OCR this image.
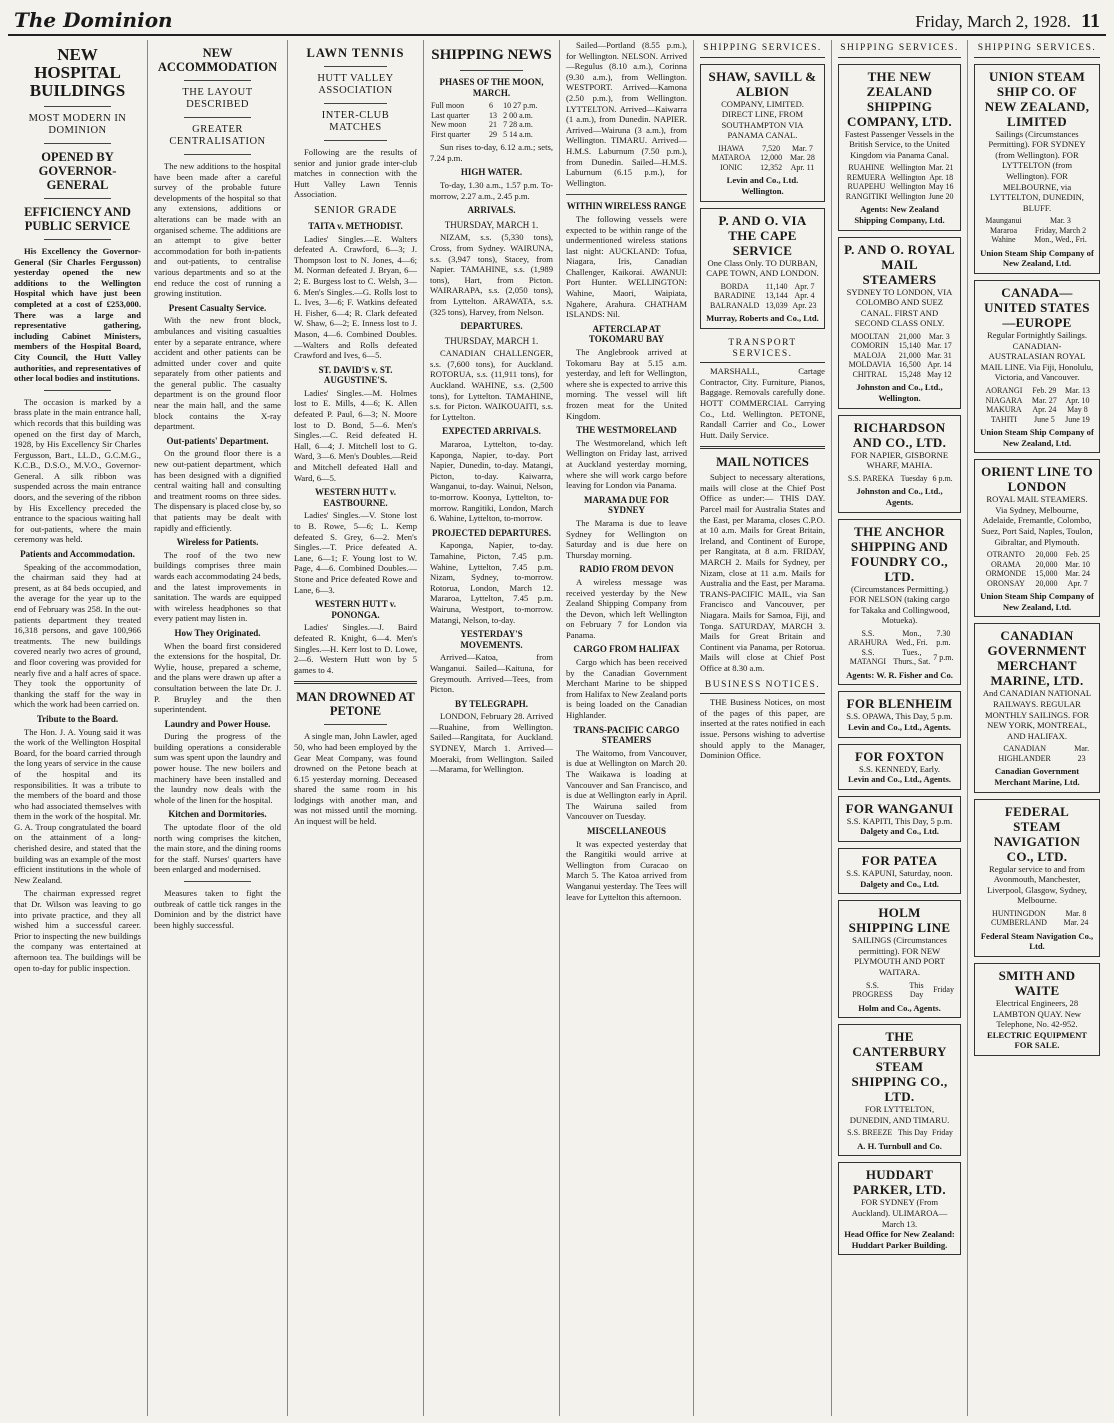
The Dominion	Friday, March 2, 1928. 11
NEW HOSPITAL BUILDINGS
MOST MODERN IN DOMINION
OPENED BY GOVERNOR-GENERAL
EFFICIENCY AND PUBLIC SERVICE

His Excellency the Governor-General (Sir Charles Fergusson) yesterday opened the new additions to the Wellington Hospital which have just been completed at a cost of £253,000. There was a large and representative gathering, including Cabinet Ministers, members of the Hospital Board, City Council, the Hutt Valley authorities, and representatives of other local bodies and institutions.

The occasion is marked by a brass plate in the main entrance hall, which records that this building was opened on the first day of March, 1928, by His Excellency Sir Charles Fergusson, Bart., LL.D., G.C.M.G., K.C.B., D.S.O., M.V.O., Governor-General. A silk ribbon was suspended across the main entrance doors, and the severing of the ribbon by His Excellency preceded the entrance to the spacious waiting hall for out-patients, where the main ceremony was held.

Patients and Accommodation.

Speaking of the accommodation, the chairman said they had at present, as at 84 beds occupied, and the average for the year up to the end of February was 258. In the out-patients department they treated 16,318 persons, and gave 100,966 treatments. The new buildings covered nearly two acres of ground, and floor covering was provided for nearly five and a half acres of space. They took the opportunity of thanking the staff for the way in which the work had been carried on.

Tribute to the Board.

The Hon. J. A. Young said it was the work of the Wellington Hospital Board, for the board carried through the long years of service in the cause of the hospital and its responsibilities. It was a tribute to the members of the board and those who had associated themselves with them in the work of the hospital. Mr. G. A. Troup congratulated the board on the attainment of a long-cherished desire, and stated that the building was an example of the most efficient institutions in the whole of New Zealand.

The chairman expressed regret that Dr. Wilson was leaving to go into private practice, and they all wished him a successful career. Prior to inspecting the new buildings the company was entertained at afternoon tea. The buildings will be open to-day for public inspection.

NEW ACCOMMODATION
THE LAYOUT DESCRIBED
GREATER CENTRALISATION

The new additions to the hospital have been made after a careful survey of the probable future developments of the hospital so that any extensions, additions or alterations can be made with an organised scheme. The additions are an attempt to give better accommodation for both in-patients and out-patients, to centralise various departments and so at the end reduce the cost of running a growing institution.

Present Casualty Service.

With the new front block, ambulances and visiting casualties enter by a separate entrance, where accident and other patients can be admitted under cover and quite separately from other patients and the general public. The casualty department is on the ground floor near the main hall, and the same block contains the X-ray department.

Out-patients' Department.

On the ground floor there is a new out-patient department, which has been designed with a dignified central waiting hall and consulting and treatment rooms on three sides. The dispensary is placed close by, so that patients may be dealt with rapidly and efficiently.

Wireless for Patients.

The roof of the two new buildings comprises three main wards each accommodating 24 beds, and the latest improvements in sanitation. The wards are equipped with wireless headphones so that every patient may listen in.

How They Originated.

When the board first considered the extensions for the hospital, Dr. Wylie, house, prepared a scheme, and the plans were drawn up after a consultation between the late Dr. J. P. Bruyley and the then superintendent.

Laundry and Power House.

During the progress of the building operations a considerable sum was spent upon the laundry and power house. The new boilers and machinery have been installed and the laundry now deals with the whole of the linen for the hospital.

Kitchen and Dormitories.

The uptodate floor of the old north wing comprises the kitchen, the main store, and the dining rooms for the staff. Nurses' quarters have been enlarged and modernised.

Measures taken to fight the outbreak of cattle tick ranges in the Dominion and by the district have been highly successful.

LAWN TENNIS
HUTT VALLEY ASSOCIATION
INTER-CLUB MATCHES

Following are the results of senior and junior grade inter-club matches in connection with the Hutt Valley Lawn Tennis Association.

SENIOR GRADE
TAITA v. METHODIST.

Ladies' Singles.—E. Walters defeated A. Crawford, 6—3; J. Thompson lost to N. Jones, 4—6; M. Norman defeated J. Bryan, 6—2; E. Burgess lost to C. Welsh, 3—6. Men's Singles.—G. Rolls lost to L. Ives, 3—6; F. Watkins defeated H. Fisher, 6—4; R. Clark defeated W. Shaw, 6—2; E. Inness lost to J. Mason, 4—6. Combined Doubles.—Walters and Rolls defeated Crawford and Ives, 6—5.

ST. DAVID'S v. ST. AUGUSTINE'S.

Ladies' Singles.—M. Holmes lost to E. Mills, 4—6; K. Allen defeated P. Paul, 6—3; N. Moore lost to D. Bond, 5—6. Men's Singles.—C. Reid defeated H. Hall, 6—4; J. Mitchell lost to G. Ward, 3—6. Men's Doubles.—Reid and Mitchell defeated Hall and Ward, 6—5.

WESTERN HUTT v. EASTBOURNE.

Ladies' Singles.—V. Stone lost to B. Rowe, 5—6; L. Kemp defeated S. Grey, 6—2. Men's Singles.—T. Price defeated A. Lane, 6—1; F. Young lost to W. Page, 4—6. Combined Doubles.—Stone and Price defeated Rowe and Lane, 6—3.

WESTERN HUTT v. PONONGA.

Ladies' Singles.—J. Baird defeated R. Knight, 6—4. Men's Singles.—H. Kerr lost to D. Lowe, 2—6. Western Hutt won by 5 games to 4.

MAN DROWNED AT PETONE

A single man, John Lawler, aged 50, who had been employed by the Gear Meat Company, was found drowned on the Petone beach at 6.15 yesterday morning. Deceased shared the same room in his lodgings with another man, and was not missed until the morning. An inquest will be held.

SHIPPING NEWS
PHASES OF THE MOON, MARCH.
Full moon	6	10 27 p.m.
Last quarter	13	2 00 a.m.
New moon	21	7 28 a.m.
First quarter	29	5 14 a.m.

Sun rises to-day, 6.12 a.m.; sets, 7.24 p.m.

HIGH WATER.

To-day, 1.30 a.m., 1.57 p.m. To-morrow, 2.27 a.m., 2.45 p.m.

ARRIVALS.
THURSDAY, MARCH 1.

NIZAM, s.s. (5,330 tons), Cross, from Sydney. WAIRUNA, s.s. (3,947 tons), Stacey, from Napier. TAMAHINE, s.s. (1,989 tons), Hart, from Picton. WAIRARAPA, s.s. (2,050 tons), from Lyttelton. ARAWATA, s.s. (325 tons), Harvey, from Nelson.

DEPARTURES.
THURSDAY, MARCH 1.

CANADIAN CHALLENGER, s.s. (7,600 tons), for Auckland. ROTORUA, s.s. (11,911 tons), for Auckland. WAHINE, s.s. (2,500 tons), for Lyttelton. TAMAHINE, s.s. for Picton. WAIKOUAITI, s.s. for Lyttelton.

EXPECTED ARRIVALS.

Mararoa, Lyttelton, to-day. Kaponga, Napier, to-day. Port Napier, Dunedin, to-day. Matangi, Picton, to-day. Kaiwarra, Wanganui, to-day. Wainui, Nelson, to-morrow. Koonya, Lyttelton, to-morrow. Rangitiki, London, March 6. Wahine, Lyttelton, to-morrow.

PROJECTED DEPARTURES.

Kaponga, Napier, to-day. Tamahine, Picton, 7.45 p.m. Wahine, Lyttelton, 7.45 p.m. Nizam, Sydney, to-morrow. Rotorua, London, March 12. Mararoa, Lyttelton, 7.45 p.m. Wairuna, Westport, to-morrow. Matangi, Nelson, to-day.

YESTERDAY'S MOVEMENTS.

Arrived—Katoa, from Wanganui. Sailed—Kaituna, for Greymouth. Arrived—Tees, from Picton.

BY TELEGRAPH.

LONDON, February 28. Arrived—Ruahine, from Wellington. Sailed—Rangitata, for Auckland. SYDNEY, March 1. Arrived—Moeraki, from Wellington. Sailed—Marama, for Wellington.

Sailed—Portland (8.55 p.m.), for Wellington. NELSON. Arrived—Regulus (8.10 a.m.), Corinna (9.30 a.m.), from Wellington. WESTPORT. Arrived—Kamona (2.50 p.m.), from Wellington. LYTTELTON. Arrived—Kaiwarra (1 a.m.), from Dunedin. NAPIER. Arrived—Wairuna (3 a.m.), from Wellington. TIMARU. Arrived—H.M.S. Laburnum (7.50 p.m.), from Dunedin. Sailed—H.M.S. Laburnum (6.15 p.m.), for Wellington.

WITHIN WIRELESS RANGE

The following vessels were expected to be within range of the undermentioned wireless stations last night: AUCKLAND: Tofua, Niagara, Iris, Canadian Challenger, Kaikorai. AWANUI: Port Hunter. WELLINGTON: Wahine, Maori, Waipiata, Ngahere, Arahura. CHATHAM ISLANDS: Nil.

AFTERCLAP AT TOKOMARU BAY

The Anglebrook arrived at Tokomaru Bay at 5.15 a.m. yesterday, and left for Wellington, where she is expected to arrive this morning. The vessel will lift frozen meat for the United Kingdom.

THE WESTMORELAND

The Westmoreland, which left Wellington on Friday last, arrived at Auckland yesterday morning, where she will work cargo before leaving for London via Panama.

MARAMA DUE FOR SYDNEY

The Marama is due to leave Sydney for Wellington on Saturday and is due here on Thursday morning.

RADIO FROM DEVON

A wireless message was received yesterday by the New Zealand Shipping Company from the Devon, which left Wellington on February 7 for London via Panama.

CARGO FROM HALIFAX

Cargo which has been received by the Canadian Government Merchant Marine to be shipped from Halifax to New Zealand ports is being loaded on the Canadian Highlander.

TRANS-PACIFIC CARGO STEAMERS

The Waitomo, from Vancouver, is due at Wellington on March 20. The Waikawa is loading at Vancouver and San Francisco, and is due at Wellington early in April. The Wairuna sailed from Vancouver on Tuesday.

MISCELLANEOUS

It was expected yesterday that the Rangitiki would arrive at Wellington from Curacao on March 5. The Katoa arrived from Wanganui yesterday. The Tees will leave for Lyttelton this afternoon.

SHIPPING SERVICES.
SHAW, SAVILL & ALBION
COMPANY, LIMITED. DIRECT LINE, FROM SOUTHAMPTON VIA PANAMA CANAL.
IHAWA	7,520	Mar. 7
MATAROA	12,000	Mar. 28
IONIC	12,352	Apr. 11
Levin and Co., Ltd. Wellington.
P. AND O. VIA THE CAPE SERVICE
One Class Only. TO DURBAN, CAPE TOWN, AND LONDON.
BORDA	11,140	Apr. 7
BARADINE	13,144	Apr. 4
BALRANALD	13,039	Apr. 23
Murray, Roberts and Co., Ltd.
TRANSPORT SERVICES.

MARSHALL, Cartage Contractor, City. Furniture, Pianos, Baggage. Removals carefully done. HOTT COMMERCIAL Carrying Co., Ltd. Wellington. PETONE, Randall Carrier and Co., Lower Hutt. Daily Service.

MAIL NOTICES

Subject to necessary alterations, mails will close at the Chief Post Office as under:— THIS DAY. Parcel mail for Australia States and the East, per Marama, closes C.P.O. at 10 a.m. Mails for Great Britain, Ireland, and Continent of Europe, per Rangitata, at 8 a.m. FRIDAY, MARCH 2. Mails for Sydney, per Nizam, close at 11 a.m. Mails for Australia and the East, per Marama. TRANS-PACIFIC MAIL, via San Francisco and Vancouver, per Niagara. Mails for Samoa, Fiji, and Tonga. SATURDAY, MARCH 3. Mails for Great Britain and Continent via Panama, per Rotorua. Mails will close at Chief Post Office at 8.30 a.m.

BUSINESS NOTICES.

THE Business Notices, on most of the pages of this paper, are inserted at the rates notified in each issue. Persons wishing to advertise should apply to the Manager, Dominion Office.

SHIPPING SERVICES.
THE NEW ZEALAND SHIPPING COMPANY, LTD.
Fastest Passenger Vessels in the British Service, to the United Kingdom via Panama Canal.
RUAHINE	Wellington	Mar. 21
REMUERA	Wellington	Apr. 18
RUAPEHU	Wellington	May 16
RANGITIKI	Wellington	June 20
Agents: New Zealand Shipping Company, Ltd.
P. AND O. ROYAL MAIL STEAMERS
SYDNEY TO LONDON, VIA COLOMBO AND SUEZ CANAL. FIRST AND SECOND CLASS ONLY.
MOOLTAN	21,000	Mar. 3
COMORIN	15,140	Mar. 17
MALOJA	21,000	Mar. 31
MOLDAVIA	16,500	Apr. 14
CHITRAL	15,248	May 12
Johnston and Co., Ltd., Wellington.
RICHARDSON AND CO., LTD.
FOR NAPIER, GISBORNE WHARF, MAHIA.
S.S. PAREKA	Tuesday	6 p.m.
Johnston and Co., Ltd., Agents.
THE ANCHOR SHIPPING AND FOUNDRY CO., LTD.
(Circumstances Permitting.) FOR NELSON (taking cargo for Takaka and Collingwood, Motueka).
S.S. ARAHURA	Mon., Wed., Fri.	7.30 p.m.
S.S. MATANGI	Tues., Thurs., Sat.	7 p.m.
Agents: W. R. Fisher and Co.
FOR BLENHEIM
S.S. OPAWA, This Day, 5 p.m.
Levin and Co., Ltd., Agents.
FOR FOXTON
S.S. KENNEDY, Early.
Levin and Co., Ltd., Agents.
FOR WANGANUI
S.S. KAPITI, This Day, 5 p.m.
Dalgety and Co., Ltd.
FOR PATEA
S.S. KAPUNI, Saturday, noon.
Dalgety and Co., Ltd.
HOLM SHIPPING LINE
SAILINGS (Circumstances permitting). FOR NEW PLYMOUTH AND PORT WAITARA.
S.S. PROGRESS	This Day	Friday
Holm and Co., Agents.
THE CANTERBURY STEAM SHIPPING CO., LTD.
FOR LYTTELTON, DUNEDIN, AND TIMARU.
S.S. BREEZE	This Day	Friday
A. H. Turnbull and Co.
HUDDART PARKER, LTD.
FOR SYDNEY (From Auckland). ULIMAROA—March 13.
Head Office for New Zealand: Huddart Parker Building.
SHIPPING SERVICES.
UNION STEAM SHIP CO. OF NEW ZEALAND, LIMITED
Sailings (Circumstances Permitting). FOR SYDNEY (from Wellington). FOR LYTTELTON (from Wellington). FOR MELBOURNE, via LYTTELTON, DUNEDIN, BLUFF.
Maunganui	Mar. 3
Mararoa	Friday, March 2
Wahine	Mon., Wed., Fri.
Union Steam Ship Company of New Zealand, Ltd.
CANADA—UNITED STATES—EUROPE
Regular Fortnightly Sailings. CANADIAN-AUSTRALASIAN ROYAL MAIL LINE. Via Fiji, Honolulu, Victoria, and Vancouver.
AORANGI	Feb. 29	Mar. 13
NIAGARA	Mar. 27	Apr. 10
MAKURA	Apr. 24	May 8
TAHITI	June 5	June 19
Union Steam Ship Company of New Zealand, Ltd.
ORIENT LINE TO LONDON
ROYAL MAIL STEAMERS. Via Sydney, Melbourne, Adelaide, Fremantle, Colombo, Suez, Port Said, Naples, Toulon, Gibraltar, and Plymouth.
OTRANTO	20,000	Feb. 25
ORAMA	20,000	Mar. 10
ORMONDE	15,000	Mar. 24
ORONSAY	20,000	Apr. 7
Union Steam Ship Company of New Zealand, Ltd.
CANADIAN GOVERNMENT MERCHANT MARINE, LTD.
And CANADIAN NATIONAL RAILWAYS. REGULAR MONTHLY SAILINGS. FOR NEW YORK, MONTREAL, AND HALIFAX.
CANADIAN HIGHLANDER	Mar. 23
Canadian Government Merchant Marine, Ltd.
FEDERAL STEAM NAVIGATION CO., LTD.
Regular service to and from Avonmouth, Manchester, Liverpool, Glasgow, Sydney, Melbourne.
HUNTINGDON	Mar. 8
CUMBERLAND	Mar. 24
Federal Steam Navigation Co., Ltd.
SMITH AND WAITE
Electrical Engineers, 28 LAMBTON QUAY. New Telephone, No. 42-952.
ELECTRIC EQUIPMENT FOR SALE.
